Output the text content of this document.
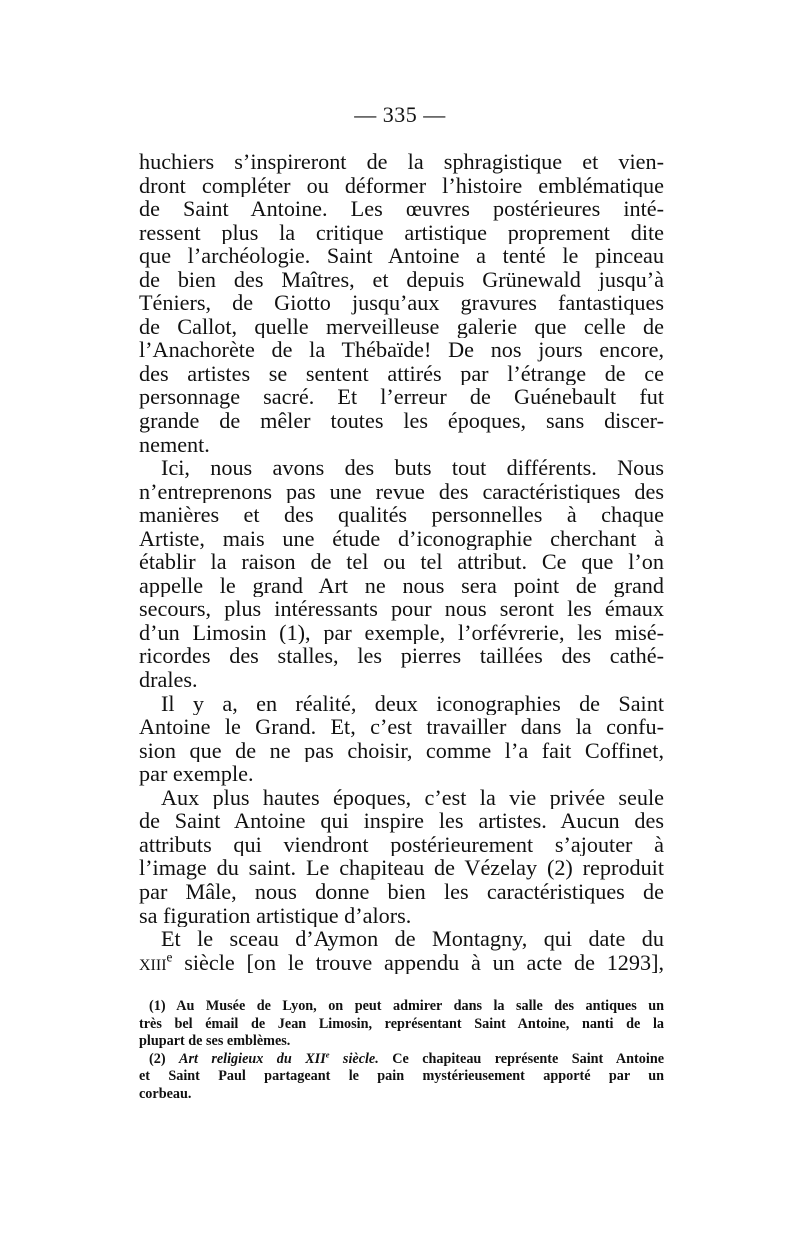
— 335 —

huchiers s’inspireront de la sphragistique et vien-
dront compléter ou déformer l’histoire emblématique
de Saint Antoine. Les œuvres postérieures inté-
ressent plus la critique artistique proprement dite
que l’archéologie. Saint Antoine a tenté le pinceau
de bien des Maîtres, et depuis Grünewald jusqu’à
Téniers, de Giotto jusqu’aux gravures fantastiques
de Callot, quelle merveilleuse galerie que celle de
l’Anachorète de la Thébaïde! De nos jours encore,
des artistes se sentent attirés par l’étrange de ce
personnage sacré. Et l’erreur de Guénebault fut
grande de mêler toutes les époques, sans discer-
nement.

Ici, nous avons des buts tout différents. Nous
n’entreprenons pas une revue des caractéristiques des
manières et des qualités personnelles à chaque
Artiste, mais une étude d’iconographie cherchant à
établir la raison de tel ou tel attribut. Ce que l’on
appelle le grand Art ne nous sera point de grand
secours, plus intéressants pour nous seront les émaux
d’un Limosin (1), par exemple, l’orfévrerie, les misé-
ricordes des stalles, les pierres taillées des cathé-
drales.

Il y a, en réalité, deux iconographies de Saint
Antoine le Grand. Et, c’est travailler dans la confu-
sion que de ne pas choisir, comme l’a fait Coffinet,
par exemple.

Aux plus hautes époques, c’est la vie privée seule
de Saint Antoine qui inspire les artistes. Aucun des
attributs qui viendront postérieurement s’ajouter à
l’image du saint. Le chapiteau de Vézelay (2) reproduit
par Mâle, nous donne bien les caractéristiques de
sa figuration artistique d’alors.

Et le sceau d’Aymon de Montagny, qui date du
xiii$^e$ siècle [on le trouve appendu à un acte de 1293],

(1) Au Musée de Lyon, on peut admirer dans la salle des antiques un
très bel émail de Jean Limosin, représentant Saint Antoine, nanti de la
plupart de ses emblèmes.

(2) Art religieux du XIIe siècle. Ce chapiteau représente Saint Antoine
et Saint Paul partageant le pain mystérieusement apporté par un
corbeau.
